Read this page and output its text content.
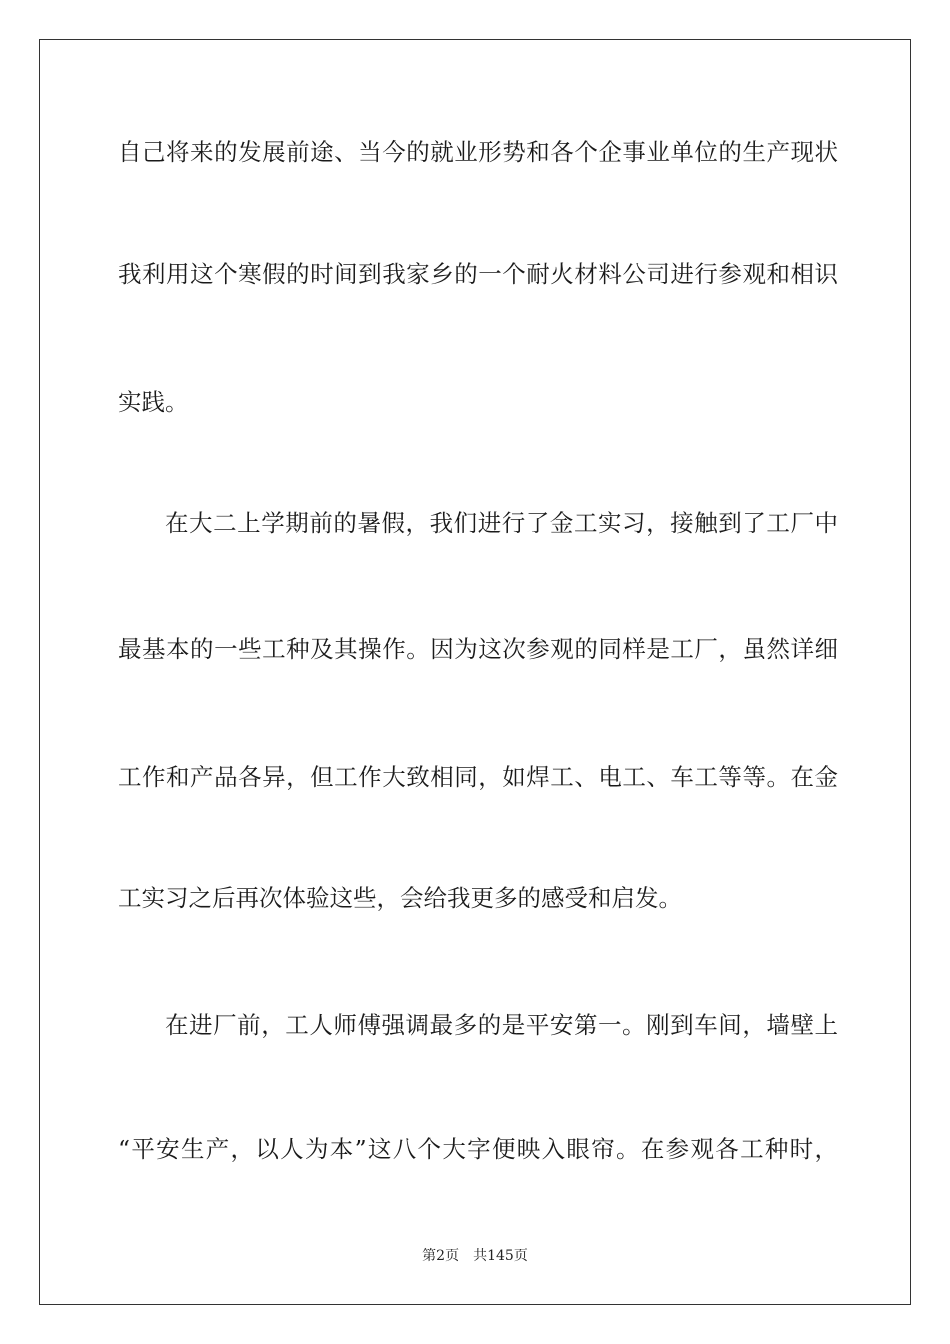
自己将来的发展前途、当今的就业形势和各个企事业单位的生产现状
我利用这个寒假的时间到我家乡的一个耐火材料公司进行参观和相识
实践。
在大二上学期前的暑假，我们进行了金工实习，接触到了工厂中
最基本的一些工种及其操作。因为这次参观的同样是工厂，虽然详细
工作和产品各异，但工作大致相同，如焊工、电工、车工等等。在金
工实习之后再次体验这些，会给我更多的感受和启发。
在进厂前，工人师傅强调最多的是平安第一。刚到车间，墙壁上
“平安生产，以人为本”这八个大字便映入眼帘。在参观各工种时，
第2页 共145页
